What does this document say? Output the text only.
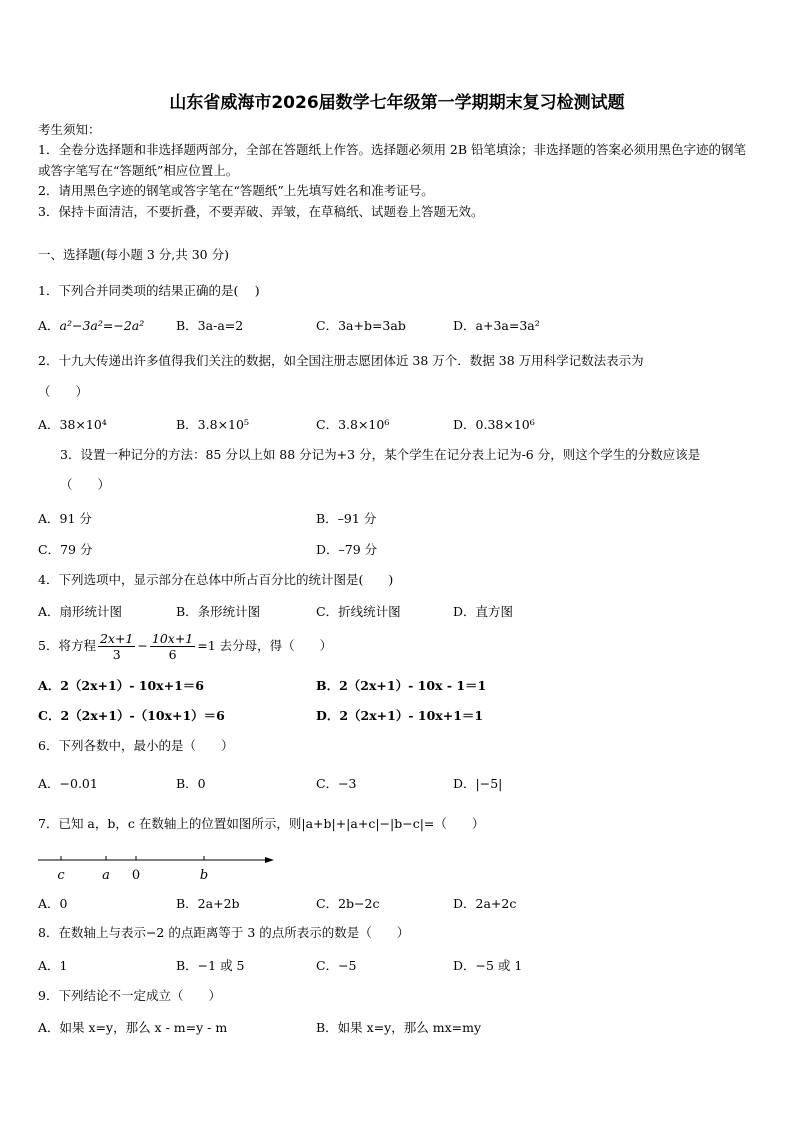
山东省威海市2026届数学七年级第一学期期末复习检测试题
考生须知：
1．全卷分选择题和非选择题两部分，全部在答题纸上作答。选择题必须用 2B 铅笔填涂；非选择题的答案必须用黑色字迹的钢笔或答字笔写在“答题纸”相应位置上。
2．请用黑色字迹的钢笔或答字笔在“答题纸”上先填写姓名和准考证号。
3．保持卡面清洁，不要折叠，不要弄破、弄皱，在草稿纸、试题卷上答题无效。
一、选择题(每小题 3 分,共 30 分)
1．下列合并同类项的结果正确的是(　 )
A．a²−3a²=−2a²	B．3a-a=2	C．3a+b=3ab	D．a+3a=3a²
2．十九大传递出许多值得我们关注的数据，如全国注册志愿团体近 38 万个．数据 38 万用科学记数法表示为
（　　）
A．38×10⁴	B．3.8×10⁵	C．3.8×10⁶	D．0.38×10⁶
3．设置一种记分的方法：85 分以上如 88 分记为+3 分，某个学生在记分表上记为-6 分，则这个学生的分数应该是
（　　）
A．91 分	B．–91 分
C．79 分	D．–79 分
4．下列选项中，显示部分在总体中所占百分比的统计图是(　　)
A．扇形统计图	B．条形统计图	C．折线统计图	D．直方图
5．将方程 $\frac{2x+1}{3} - \frac{10x+1}{6} =1$ 去分母，得（　　）
A．2（2x+1）- 10x+1＝6	B．2（2x+1）- 10x - 1＝1
C．2（2x+1）-（10x+1）＝6	D．2（2x+1）- 10x+1＝1
6．下列各数中，最小的是（　　）
A．−0.01	B．0	C．−3	D．|−5|
7．已知 a，b，c 在数轴上的位置如图所示，则|a+b|+|a+c|−|b−c|=（　　）
c	a 0	b
A．0	B．2a+2b	C．2b−2c	D．2a+2c
8．在数轴上与表示−2 的点距离等于 3 的点所表示的数是（　　）
A．1	B．−1 或 5	C．−5	D．−5 或 1
9．下列结论不一定成立（　　）
A．如果 x=y，那么 x - m=y - m	B．如果 x=y，那么 mx=my
